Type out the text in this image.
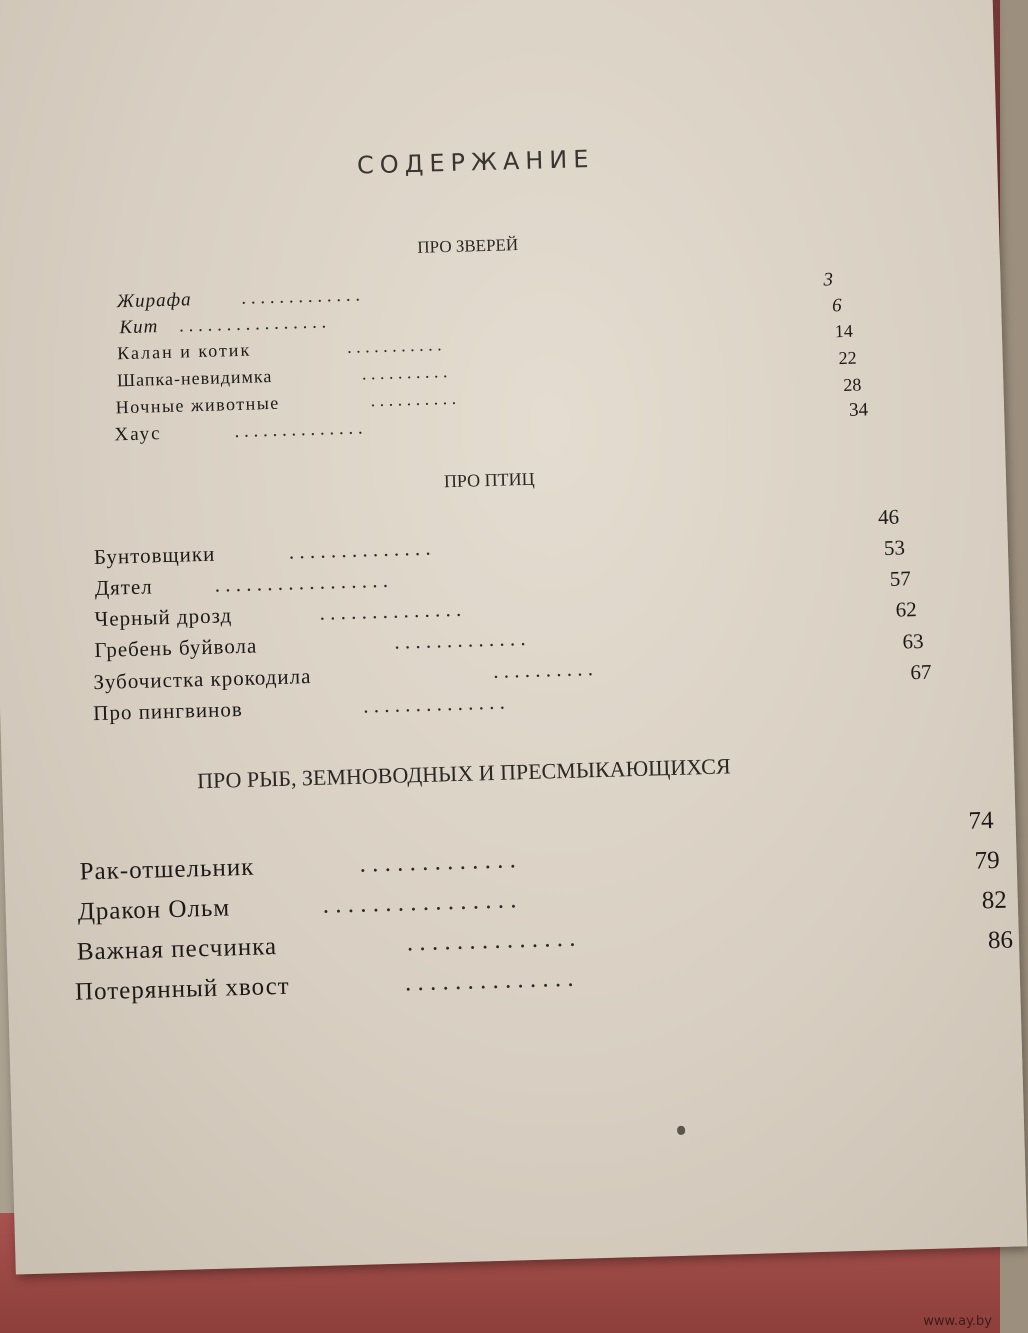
СОДЕРЖАНИЕ
ПРО ЗВЕРЕЙ
Жирафа	. . . . . . . . . . . . .
3
Кит . . . . . . . . . . . . . . . .
6
Калан и котик	. . . . . . . . . . .
14
Шапка-невидимка	. . . . . . . . . .
22
Ночные животные	. . . . . . . . . .
28
Хаус	. . . . . . . . . . . . . .
34
ПРО ПТИЦ
Бунтовщики	. . . . . . . . . . . . . .
46
Дятел	. . . . . . . . . . . . . . . . .
53
Черный дрозд	. . . . . . . . . . . . . .
57
Гребень буйвола	. . . . . . . . . . . . .
62
Зубочистка крокодила	. . . . . . . . . .
63
Про пингвинов	. . . . . . . . . . . . . .
67
ПРО РЫБ, ЗЕМНОВОДНЫХ И ПРЕСМЫКАЮЩИХСЯ
Рак-отшельник	. . . . . . . . . . . . .
74
Дракон Ольм	. . . . . . . . . . . . . . . .
79
Важная песчинка	. . . . . . . . . . . . . .
82
Потерянный хвост	. . . . . . . . . . . . . .
86
www.ay.by
